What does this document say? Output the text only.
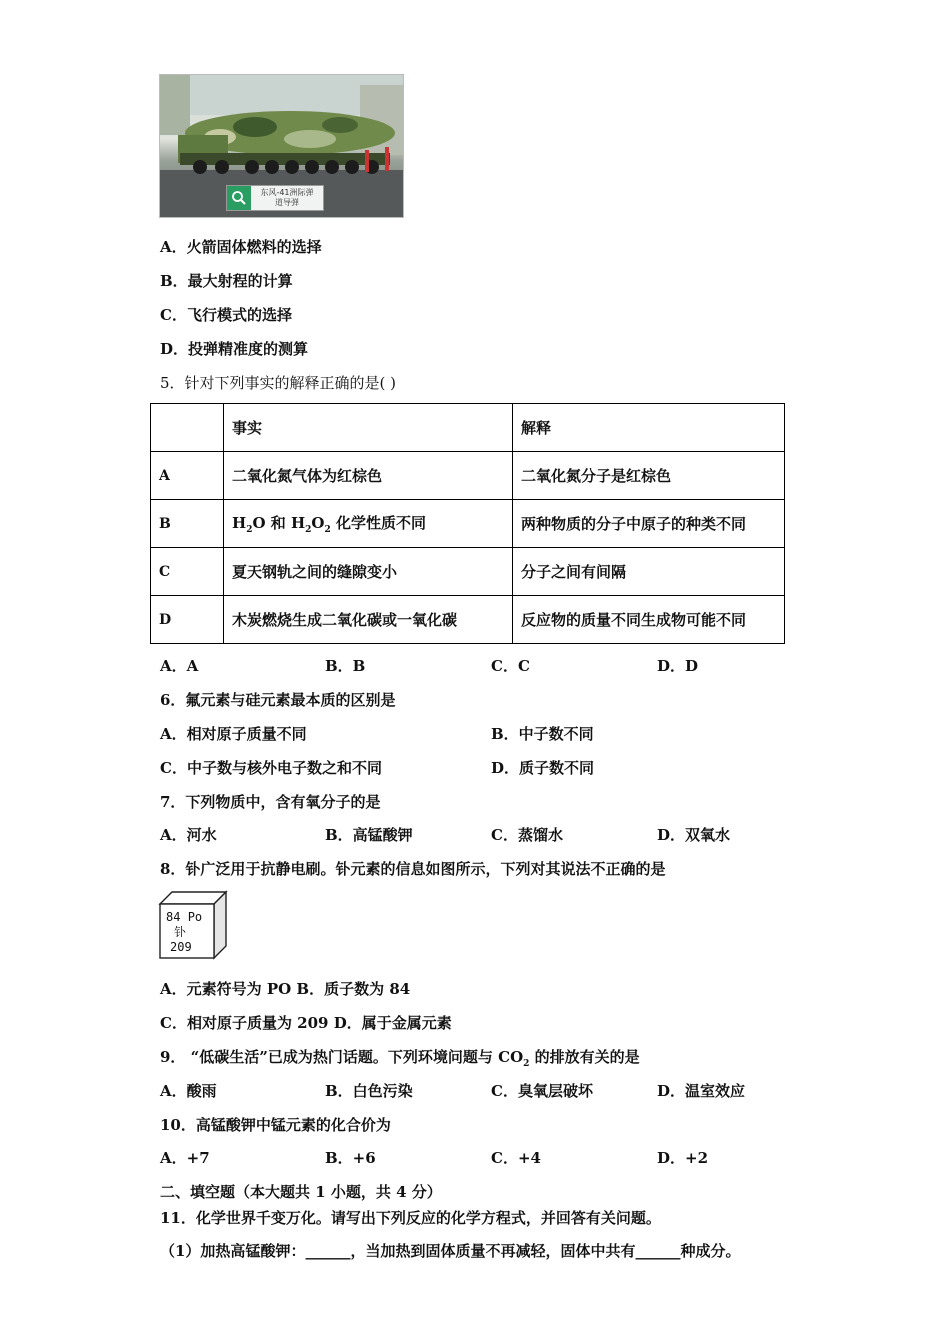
东风-41洲际弹
道导弹
A．火箭固体燃料的选择
B．最大射程的计算
C．飞行模式的选择
D．投弹精准度的测算
5．针对下列事实的解释正确的是( )
	事实	解释
A	二氧化氮气体为红棕色	二氧化氮分子是红棕色
B	$H_2O$ 和 $H_2O_2$ 化学性质不同	两种物质的分子中原子的种类不同
C	夏天钢轨之间的缝隙变小	分子之间有间隔
D	木炭燃烧生成二氧化碳或一氧化碳	反应物的质量不同生成物可能不同
A．A	B．B	C．C	D．D
6．氟元素与硅元素最本质的区别是
A．相对原子质量不同	B．中子数不同
C．中子数与核外电子数之和不同	D．质子数不同
7．下列物质中，含有氧分子的是
A．河水	B．高锰酸钾	C．蒸馏水	D．双氧水
8．钋广泛用于抗静电刷。钋元素的信息如图所示，下列对其说法不正确的是
84 Po
钋
209
A．元素符号为 PO B．质子数为 84
C．相对原子质量为 209 D．属于金属元素
9． “低碳生活”已成为热门话题。下列环境问题与 $CO_2$ 的排放有关的是
A．酸雨	B．白色污染	C．臭氧层破坏	D．温室效应
10．高锰酸钾中锰元素的化合价为
A．+7	B．+6	C．+4	D．+2
二、填空题（本大题共 1 小题，共 4 分）
11．化学世界千变万化。请写出下列反应的化学方程式，并回答有关问题。
（1）加热高锰酸钾：______，当加热到固体质量不再减轻，固体中共有______种成分。
